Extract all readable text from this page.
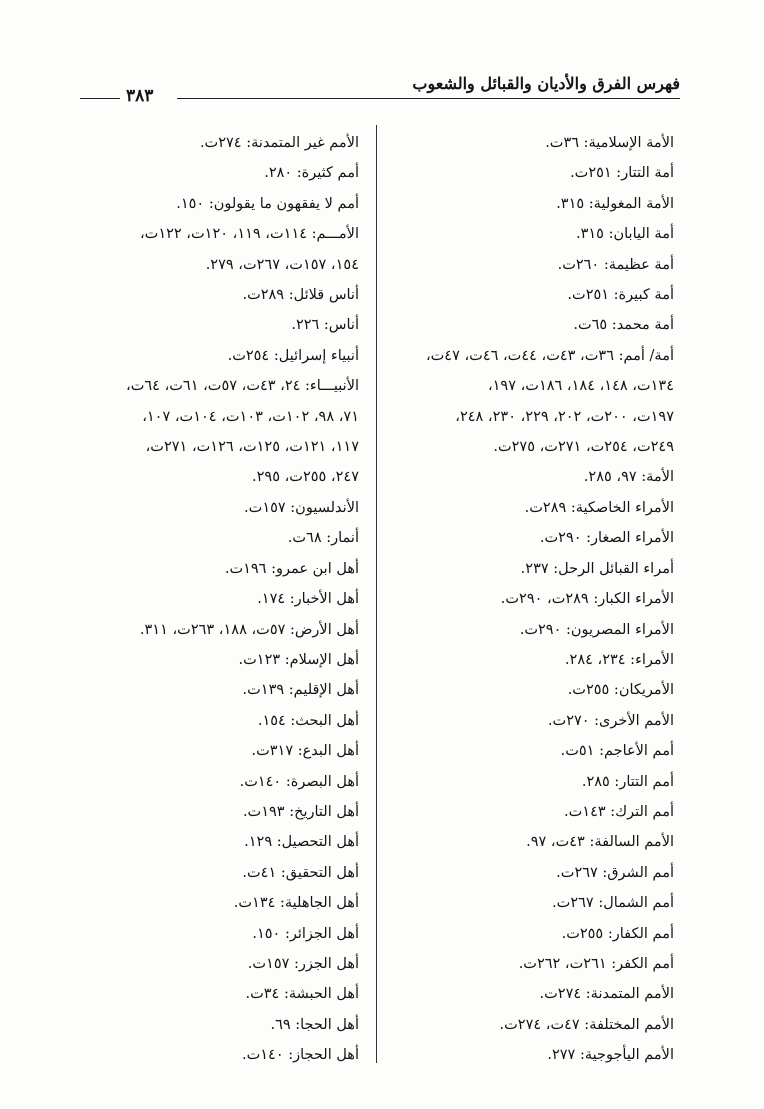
فهرس الفرق والأديان والقبائل والشعوب
٣٨٣
الأمة الإسلامية: ٣٦ت.
أمة التتار: ٢٥١ت.
الأمة المغولية: ٣١٥.
أمة اليابان: ٣١٥.
أمة عظيمة: ٢٦٠ت.
أمة كبيرة: ٢٥١ت.
أمة محمد: ٦٥ت.
أمة/ أمم: ٣٦ت، ٤٣ت، ٤٤ت، ٤٦ت، ٤٧ت،
١٣٤ت، ١٤٨، ١٨٤، ١٨٦ت، ١٩٧،
١٩٧ت، ٢٠٠ت، ٢٠٢، ٢٢٩، ٢٣٠، ٢٤٨،
٢٤٩ت، ٢٥٤ت، ٢٧١ت، ٢٧٥ت.
الأمة: ٩٧، ٢٨٥.
الأمراء الخاصكية: ٢٨٩ت.
الأمراء الصغار: ٢٩٠ت.
أمراء القبائل الرحل: ٢٣٧.
الأمراء الكبار: ٢٨٩ت، ٢٩٠ت.
الأمراء المصريون: ٢٩٠ت.
الأمراء: ٢٣٤، ٢٨٤.
الأمريكان: ٢٥٥ت.
الأمم الأخرى: ٢٧٠ت.
أمم الأعاجم: ٥١ت.
أمم التتار: ٢٨٥.
أمم الترك: ١٤٣ت.
الأمم السالفة: ٤٣ت، ٩٧.
أمم الشرق: ٢٦٧ت.
أمم الشمال: ٢٦٧ت.
أمم الكفار: ٢٥٥ت.
أمم الكفر: ٢٦١ت، ٢٦٢ت.
الأمم المتمدنة: ٢٧٤ت.
الأمم المختلفة: ٤٧ت، ٢٧٤ت.
الأمم اليأجوجية: ٢٧٧.
الأمم غير المتمدنة: ٢٧٤ت.
أمم كثيرة: ٢٨٠.
أمم لا يفقهون ما يقولون: ١٥٠.
الأمـــم: ١١٤ت، ١١٩، ١٢٠ت، ١٢٢ت،
١٥٤، ١٥٧ت، ٢٦٧ت، ٢٧٩.
أناس قلائل: ٢٨٩ت.
أناس: ٢٢٦.
أنبياء إسرائيل: ٢٥٤ت.
الأنبيـــاء: ٢٤، ٤٣ت، ٥٧ت، ٦١ت، ٦٤ت،
٧١، ٩٨، ١٠٢ت، ١٠٣ت، ١٠٤ت، ١٠٧،
١١٧، ١٢١ت، ١٢٥ت، ١٢٦ت، ٢٧١ت،
٢٤٧، ٢٥٥ت، ٢٩٥.
الأندلسيون: ١٥٧ت.
أنمار: ٦٨ت.
أهل ابن عمرو: ١٩٦ت.
أهل الأخبار: ١٧٤.
أهل الأرض: ٥٧ت، ١٨٨، ٢٦٣ت، ٣١١.
أهل الإسلام: ١٢٣ت.
أهل الإقليم: ١٣٩ت.
أهل البحث: ١٥٤.
أهل البدع: ٣١٧ت.
أهل البصرة: ١٤٠ت.
أهل التاريخ: ١٩٣ت.
أهل التحصيل: ١٢٩.
أهل التحقيق: ٤١ت.
أهل الجاهلية: ١٣٤ت.
أهل الجزائر: ١٥٠.
أهل الجزر: ١٥٧ت.
أهل الحبشة: ٣٤ت.
أهل الحجا: ٦٩.
أهل الحجاز: ١٤٠ت.
